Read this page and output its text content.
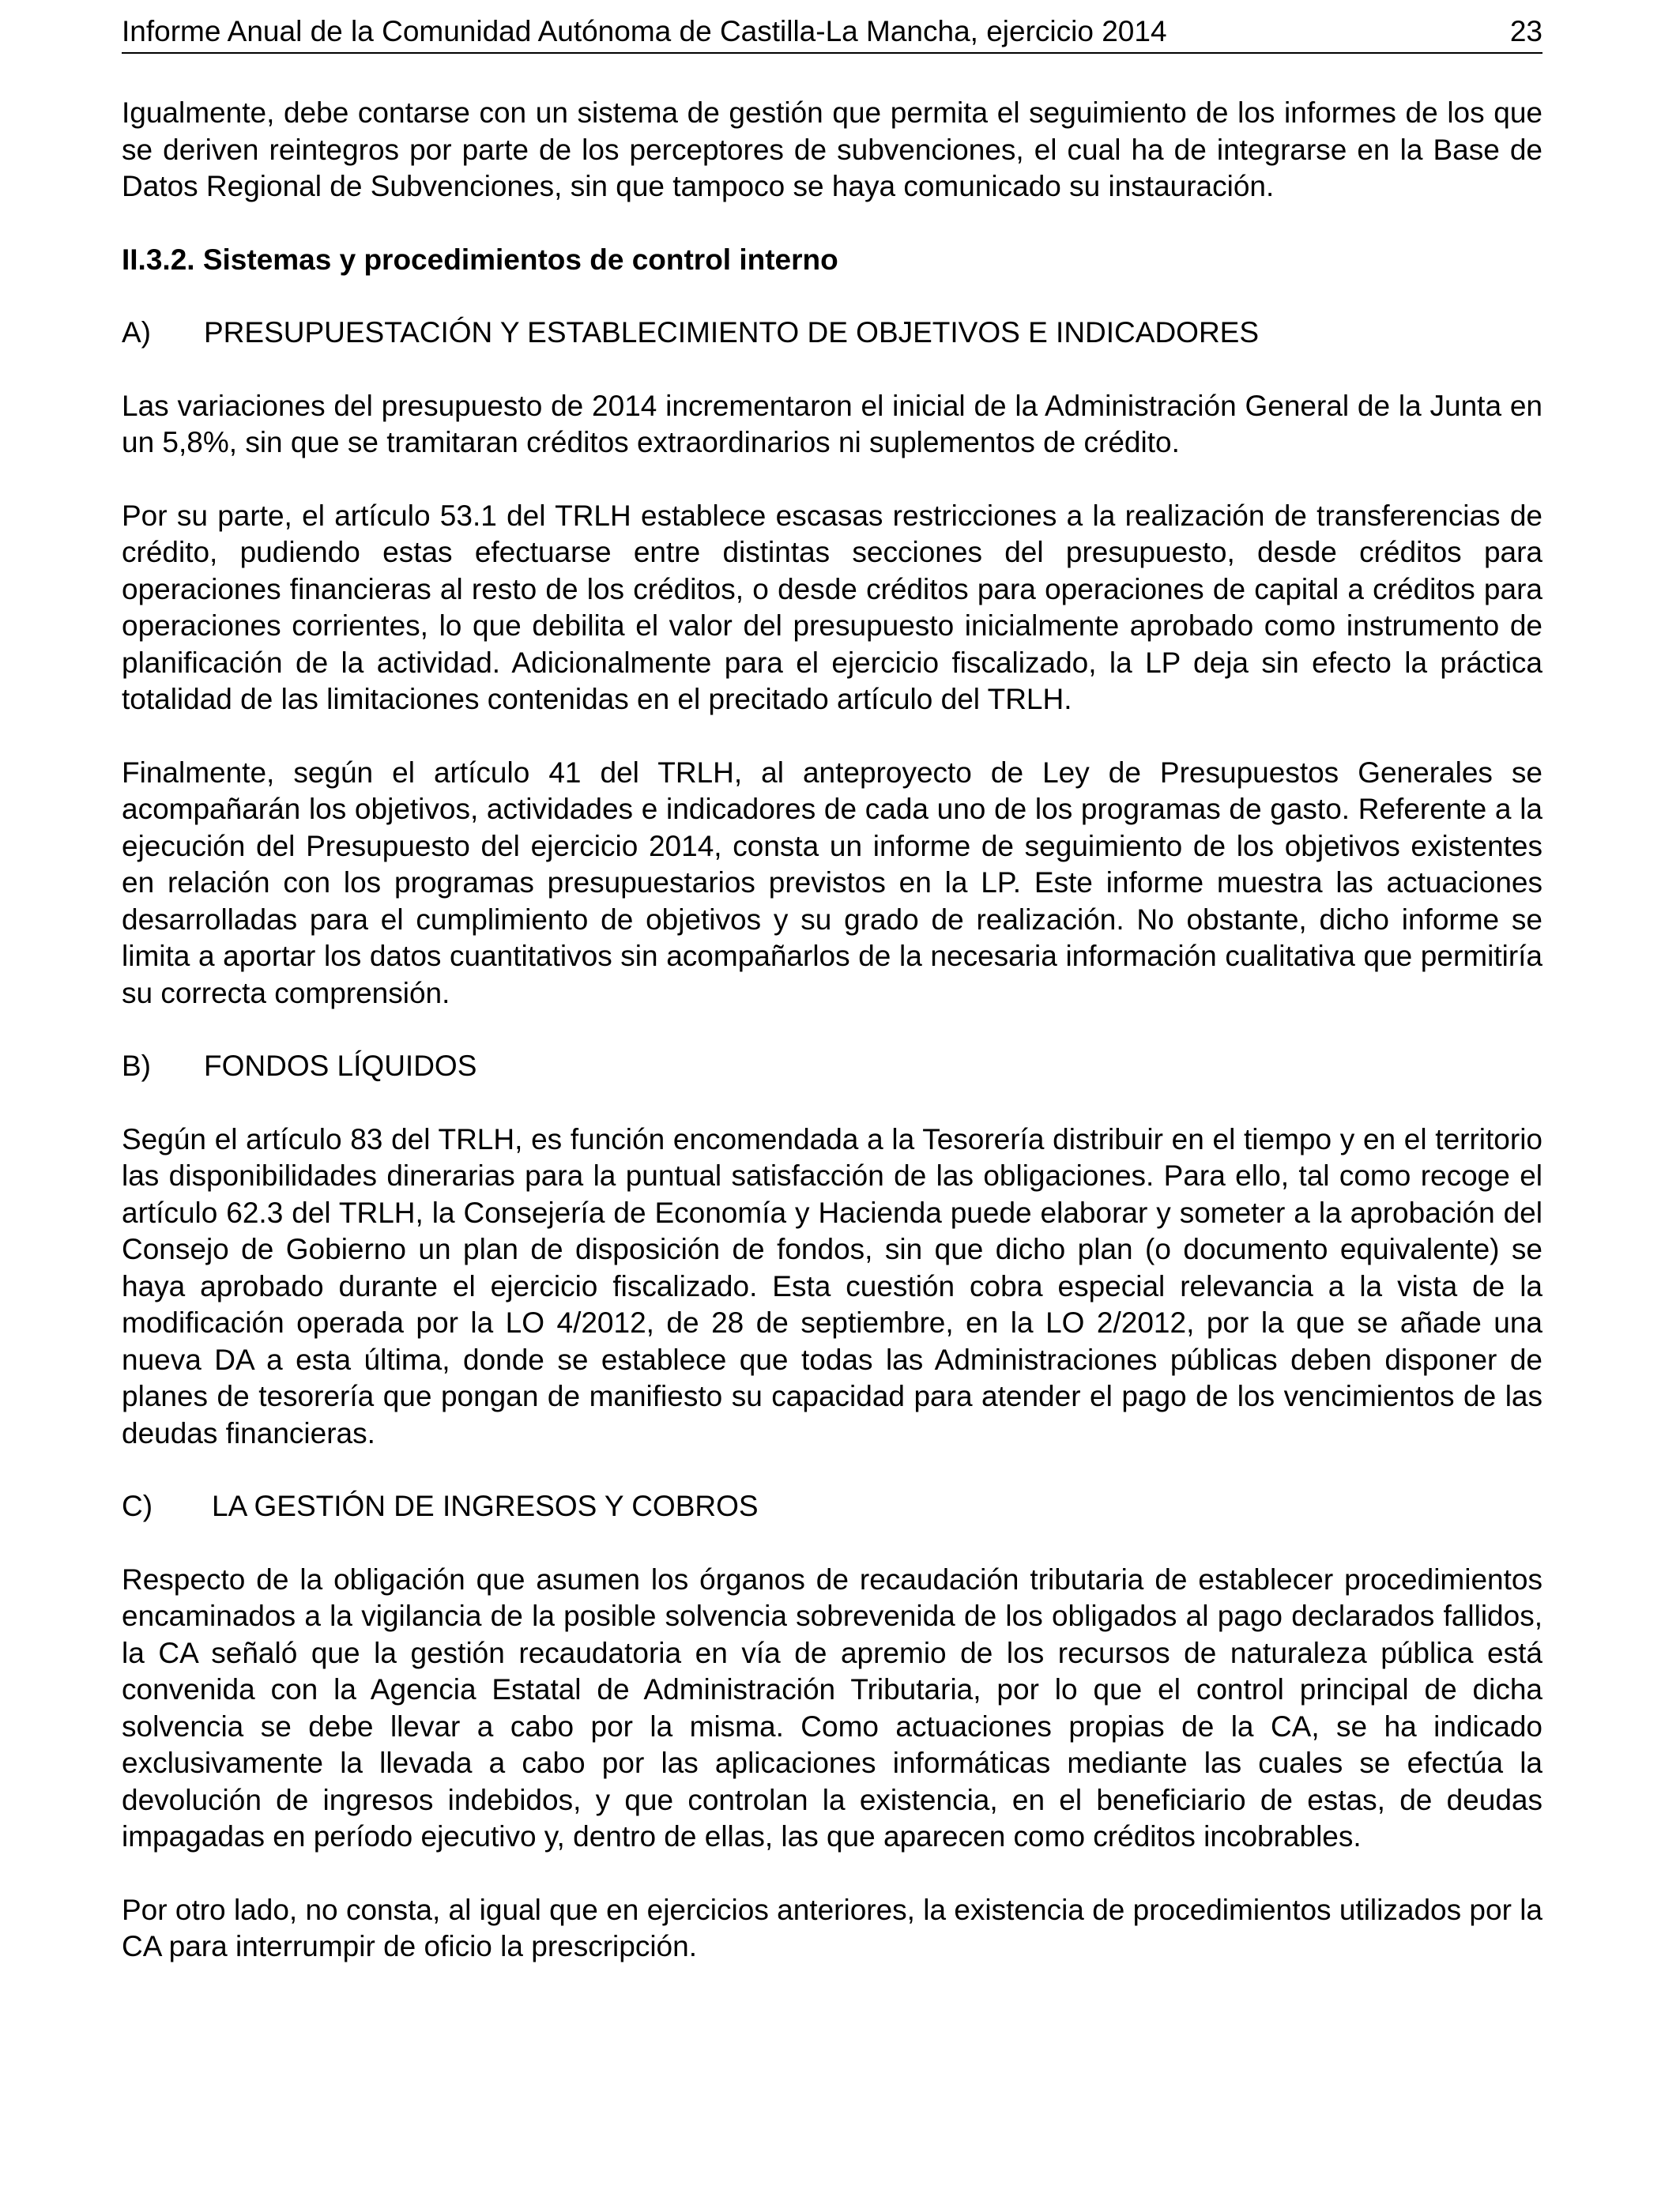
Informe Anual de la Comunidad Autónoma de Castilla-La Mancha, ejercicio 2014	23

Igualmente, debe contarse con un sistema de gestión que permita el seguimiento de los informes de los que se deriven reintegros por parte de los perceptores de subvenciones, el cual ha de integrarse en la Base de Datos Regional de Subvenciones, sin que tampoco se haya comunicado su instauración.

II.3.2. Sistemas y procedimientos de control interno
A)	PRESUPUESTACIÓN Y ESTABLECIMIENTO DE OBJETIVOS E INDICADORES

Las variaciones del presupuesto de 2014 incrementaron el inicial de la Administración General de la Junta en un 5,8%, sin que se tramitaran créditos extraordinarios ni suplementos de crédito.

Por su parte, el artículo 53.1 del TRLH establece escasas restricciones a la realización de transferencias de crédito, pudiendo estas efectuarse entre distintas secciones del presupuesto, desde créditos para operaciones financieras al resto de los créditos, o desde créditos para operaciones de capital a créditos para operaciones corrientes, lo que debilita el valor del presupuesto inicialmente aprobado como instrumento de planificación de la actividad. Adicionalmente para el ejercicio fiscalizado, la LP deja sin efecto la práctica totalidad de las limitaciones contenidas en el precitado artículo del TRLH.

Finalmente, según el artículo 41 del TRLH, al anteproyecto de Ley de Presupuestos Generales se acompañarán los objetivos, actividades e indicadores de cada uno de los programas de gasto. Referente a la ejecución del Presupuesto del ejercicio 2014, consta un informe de seguimiento de los objetivos existentes en relación con los programas presupuestarios previstos en la LP. Este informe muestra las actuaciones desarrolladas para el cumplimiento de objetivos y su grado de realización. No obstante, dicho informe se limita a aportar los datos cuantitativos sin acompañarlos de la necesaria información cualitativa que permitiría su correcta comprensión.

B)	FONDOS LÍQUIDOS

Según el artículo 83 del TRLH, es función encomendada a la Tesorería distribuir en el tiempo y en el territorio las disponibilidades dinerarias para la puntual satisfacción de las obligaciones. Para ello, tal como recoge el artículo 62.3 del TRLH, la Consejería de Economía y Hacienda puede elaborar y someter a la aprobación del Consejo de Gobierno un plan de disposición de fondos, sin que dicho plan (o documento equivalente) se haya aprobado durante el ejercicio fiscalizado. Esta cuestión cobra especial relevancia a la vista de la modificación operada por la LO 4/2012, de 28 de septiembre, en la LO 2/2012, por la que se añade una nueva DA a esta última, donde se establece que todas las Administraciones públicas deben disponer de planes de tesorería que pongan de manifiesto su capacidad para atender el pago de los vencimientos de las deudas financieras.

C)	LA GESTIÓN DE INGRESOS Y COBROS

Respecto de la obligación que asumen los órganos de recaudación tributaria de establecer procedimientos encaminados a la vigilancia de la posible solvencia sobrevenida de los obligados al pago declarados fallidos, la CA señaló que la gestión recaudatoria en vía de apremio de los recursos de naturaleza pública está convenida con la Agencia Estatal de Administración Tributaria, por lo que el control principal de dicha solvencia se debe llevar a cabo por la misma. Como actuaciones propias de la CA, se ha indicado exclusivamente la llevada a cabo por las aplicaciones informáticas mediante las cuales se efectúa la devolución de ingresos indebidos, y que controlan la existencia, en el beneficiario de estas, de deudas impagadas en período ejecutivo y, dentro de ellas, las que aparecen como créditos incobrables.

Por otro lado, no consta, al igual que en ejercicios anteriores, la existencia de procedimientos utilizados por la CA para interrumpir de oficio la prescripción.
